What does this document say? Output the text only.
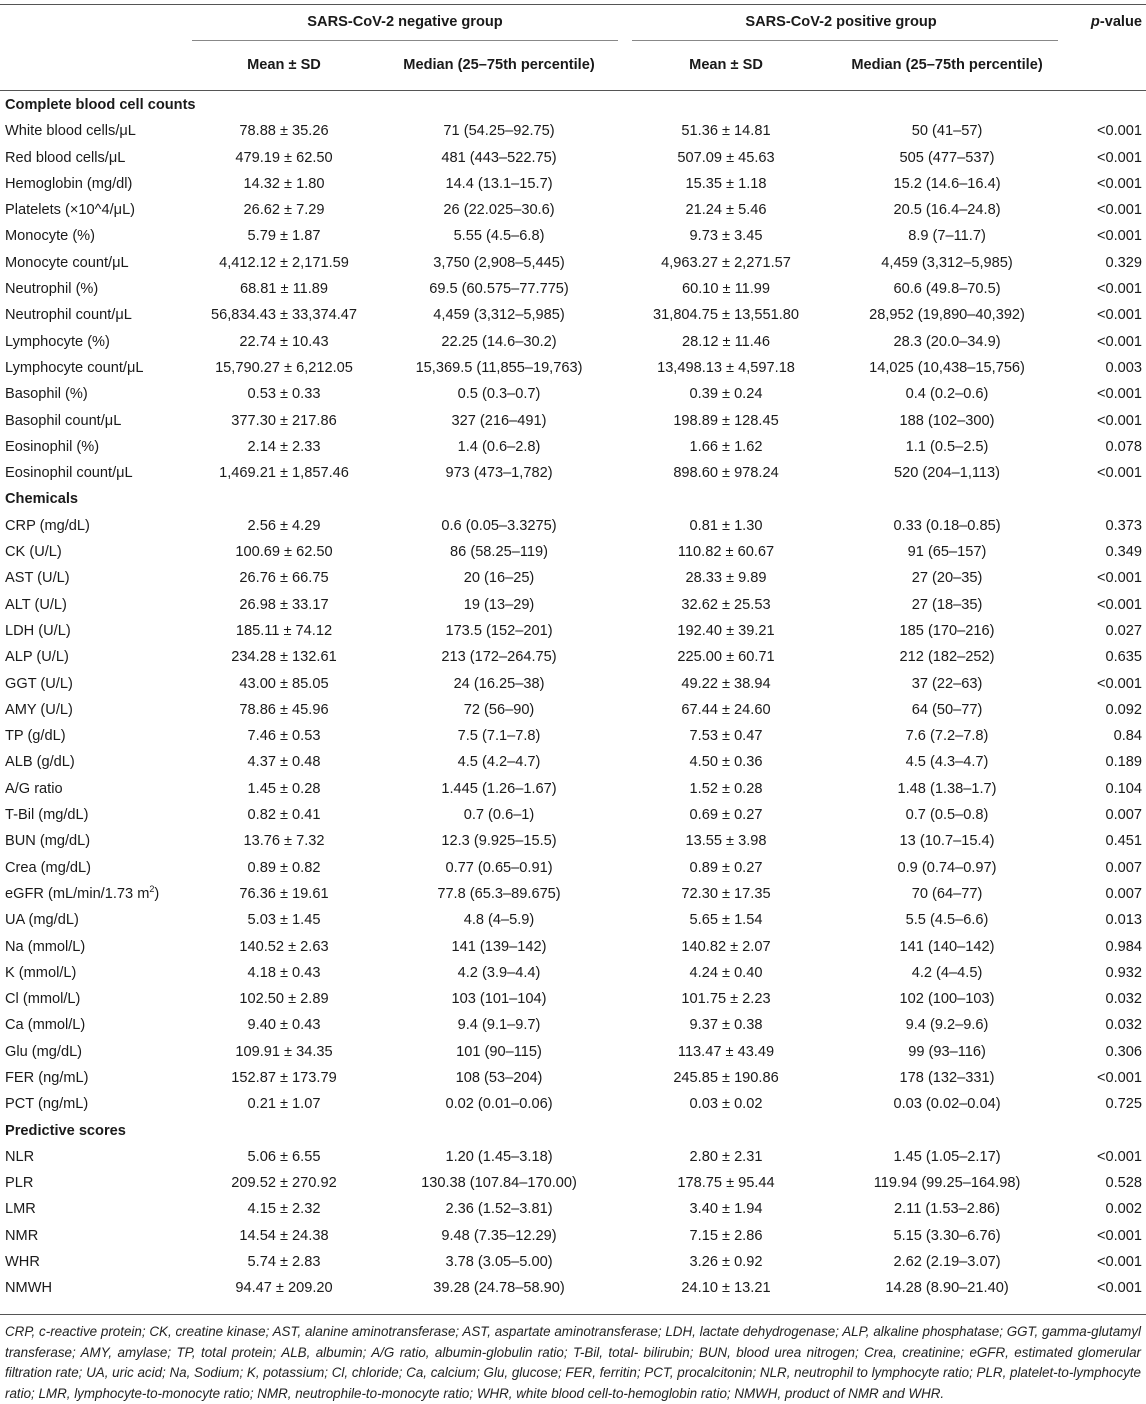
	SARS-CoV-2 negative group		SARS-CoV-2 positive group		p-value
	Mean ± SD	Median (25–75th percentile)	Mean ± SD	Median (25–75th percentile)	

Complete blood cell counts					
White blood cells/μL	78.88 ± 35.26	71 (54.25–92.75)	51.36 ± 14.81	50 (41–57)	<0.001
Red blood cells/μL	479.19 ± 62.50	481 (443–522.75)	507.09 ± 45.63	505 (477–537)	<0.001
Hemoglobin (mg/dl)	14.32 ± 1.80	14.4 (13.1–15.7)	15.35 ± 1.18	15.2 (14.6–16.4)	<0.001
Platelets (×10^4/μL)	26.62 ± 7.29	26 (22.025–30.6)	21.24 ± 5.46	20.5 (16.4–24.8)	<0.001
Monocyte (%)	5.79 ± 1.87	5.55 (4.5–6.8)	9.73 ± 3.45	8.9 (7–11.7)	<0.001
Monocyte count/μL	4,412.12 ± 2,171.59	3,750 (2,908–5,445)	4,963.27 ± 2,271.57	4,459 (3,312–5,985)	0.329
Neutrophil (%)	68.81 ± 11.89	69.5 (60.575–77.775)	60.10 ± 11.99	60.6 (49.8–70.5)	<0.001
Neutrophil count/μL	56,834.43 ± 33,374.47	4,459 (3,312–5,985)	31,804.75 ± 13,551.80	28,952 (19,890–40,392)	<0.001
Lymphocyte (%)	22.74 ± 10.43	22.25 (14.6–30.2)	28.12 ± 11.46	28.3 (20.0–34.9)	<0.001
Lymphocyte count/μL	15,790.27 ± 6,212.05	15,369.5 (11,855–19,763)	13,498.13 ± 4,597.18	14,025 (10,438–15,756)	0.003
Basophil (%)	0.53 ± 0.33	0.5 (0.3–0.7)	0.39 ± 0.24	0.4 (0.2–0.6)	<0.001
Basophil count/μL	377.30 ± 217.86	327 (216–491)	198.89 ± 128.45	188 (102–300)	<0.001
Eosinophil (%)	2.14 ± 2.33	1.4 (0.6–2.8)	1.66 ± 1.62	1.1 (0.5–2.5)	0.078
Eosinophil count/μL	1,469.21 ± 1,857.46	973 (473–1,782)	898.60 ± 978.24	520 (204–1,113)	<0.001
Chemicals					
CRP (mg/dL)	2.56 ± 4.29	0.6 (0.05–3.3275)	0.81 ± 1.30	0.33 (0.18–0.85)	0.373
CK (U/L)	100.69 ± 62.50	86 (58.25–119)	110.82 ± 60.67	91 (65–157)	0.349
AST (U/L)	26.76 ± 66.75	20 (16–25)	28.33 ± 9.89	27 (20–35)	<0.001
ALT (U/L)	26.98 ± 33.17	19 (13–29)	32.62 ± 25.53	27 (18–35)	<0.001
LDH (U/L)	185.11 ± 74.12	173.5 (152–201)	192.40 ± 39.21	185 (170–216)	0.027
ALP (U/L)	234.28 ± 132.61	213 (172–264.75)	225.00 ± 60.71	212 (182–252)	0.635
GGT (U/L)	43.00 ± 85.05	24 (16.25–38)	49.22 ± 38.94	37 (22–63)	<0.001
AMY (U/L)	78.86 ± 45.96	72 (56–90)	67.44 ± 24.60	64 (50–77)	0.092
TP (g/dL)	7.46 ± 0.53	7.5 (7.1–7.8)	7.53 ± 0.47	7.6 (7.2–7.8)	0.84
ALB (g/dL)	4.37 ± 0.48	4.5 (4.2–4.7)	4.50 ± 0.36	4.5 (4.3–4.7)	0.189
A/G ratio	1.45 ± 0.28	1.445 (1.26–1.67)	1.52 ± 0.28	1.48 (1.38–1.7)	0.104
T-Bil (mg/dL)	0.82 ± 0.41	0.7 (0.6–1)	0.69 ± 0.27	0.7 (0.5–0.8)	0.007
BUN (mg/dL)	13.76 ± 7.32	12.3 (9.925–15.5)	13.55 ± 3.98	13 (10.7–15.4)	0.451
Crea (mg/dL)	0.89 ± 0.82	0.77 (0.65–0.91)	0.89 ± 0.27	0.9 (0.74–0.97)	0.007
eGFR (mL/min/1.73 $m^2$)	76.36 ± 19.61	77.8 (65.3–89.675)	72.30 ± 17.35	70 (64–77)	0.007
UA (mg/dL)	5.03 ± 1.45	4.8 (4–5.9)	5.65 ± 1.54	5.5 (4.5–6.6)	0.013
Na (mmol/L)	140.52 ± 2.63	141 (139–142)	140.82 ± 2.07	141 (140–142)	0.984
K (mmol/L)	4.18 ± 0.43	4.2 (3.9–4.4)	4.24 ± 0.40	4.2 (4–4.5)	0.932
Cl (mmol/L)	102.50 ± 2.89	103 (101–104)	101.75 ± 2.23	102 (100–103)	0.032
Ca (mmol/L)	9.40 ± 0.43	9.4 (9.1–9.7)	9.37 ± 0.38	9.4 (9.2–9.6)	0.032
Glu (mg/dL)	109.91 ± 34.35	101 (90–115)	113.47 ± 43.49	99 (93–116)	0.306
FER (ng/mL)	152.87 ± 173.79	108 (53–204)	245.85 ± 190.86	178 (132–331)	<0.001
PCT (ng/mL)	0.21 ± 1.07	0.02 (0.01–0.06)	0.03 ± 0.02	0.03 (0.02–0.04)	0.725
Predictive scores					
NLR	5.06 ± 6.55	1.20 (1.45–3.18)	2.80 ± 2.31	1.45 (1.05–2.17)	<0.001
PLR	209.52 ± 270.92	130.38 (107.84–170.00)	178.75 ± 95.44	119.94 (99.25–164.98)	0.528
LMR	4.15 ± 2.32	2.36 (1.52–3.81)	3.40 ± 1.94	2.11 (1.53–2.86)	0.002
NMR	14.54 ± 24.38	9.48 (7.35–12.29)	7.15 ± 2.86	5.15 (3.30–6.76)	<0.001
WHR	5.74 ± 2.83	3.78 (3.05–5.00)	3.26 ± 0.92	2.62 (2.19–3.07)	<0.001
NMWH	94.47 ± 209.20	39.28 (24.78–58.90)	24.10 ± 13.21	14.28 (8.90–21.40)	<0.001
CRP, c-reactive protein; CK, creatine kinase; AST, alanine aminotransferase; AST, aspartate aminotransferase; LDH, lactate dehydrogenase; ALP, alkaline phosphatase; GGT, gamma-glutamyl transferase; AMY, amylase; TP, total protein; ALB, albumin; A/G ratio, albumin-globulin ratio; T-Bil, total- bilirubin; BUN, blood urea nitrogen; Crea, creatinine; eGFR, estimated glomerular filtration rate; UA, uric acid; Na, Sodium; K, potassium; Cl, chloride; Ca, calcium; Glu, glucose; FER, ferritin; PCT, procalcitonin; NLR, neutrophil to lymphocyte ratio; PLR, platelet-to-lymphocyte ratio; LMR, lymphocyte-to-monocyte ratio; NMR, neutrophile-to-monocyte ratio; WHR, white blood cell-to-hemoglobin ratio; NMWH, product of NMR and WHR.
